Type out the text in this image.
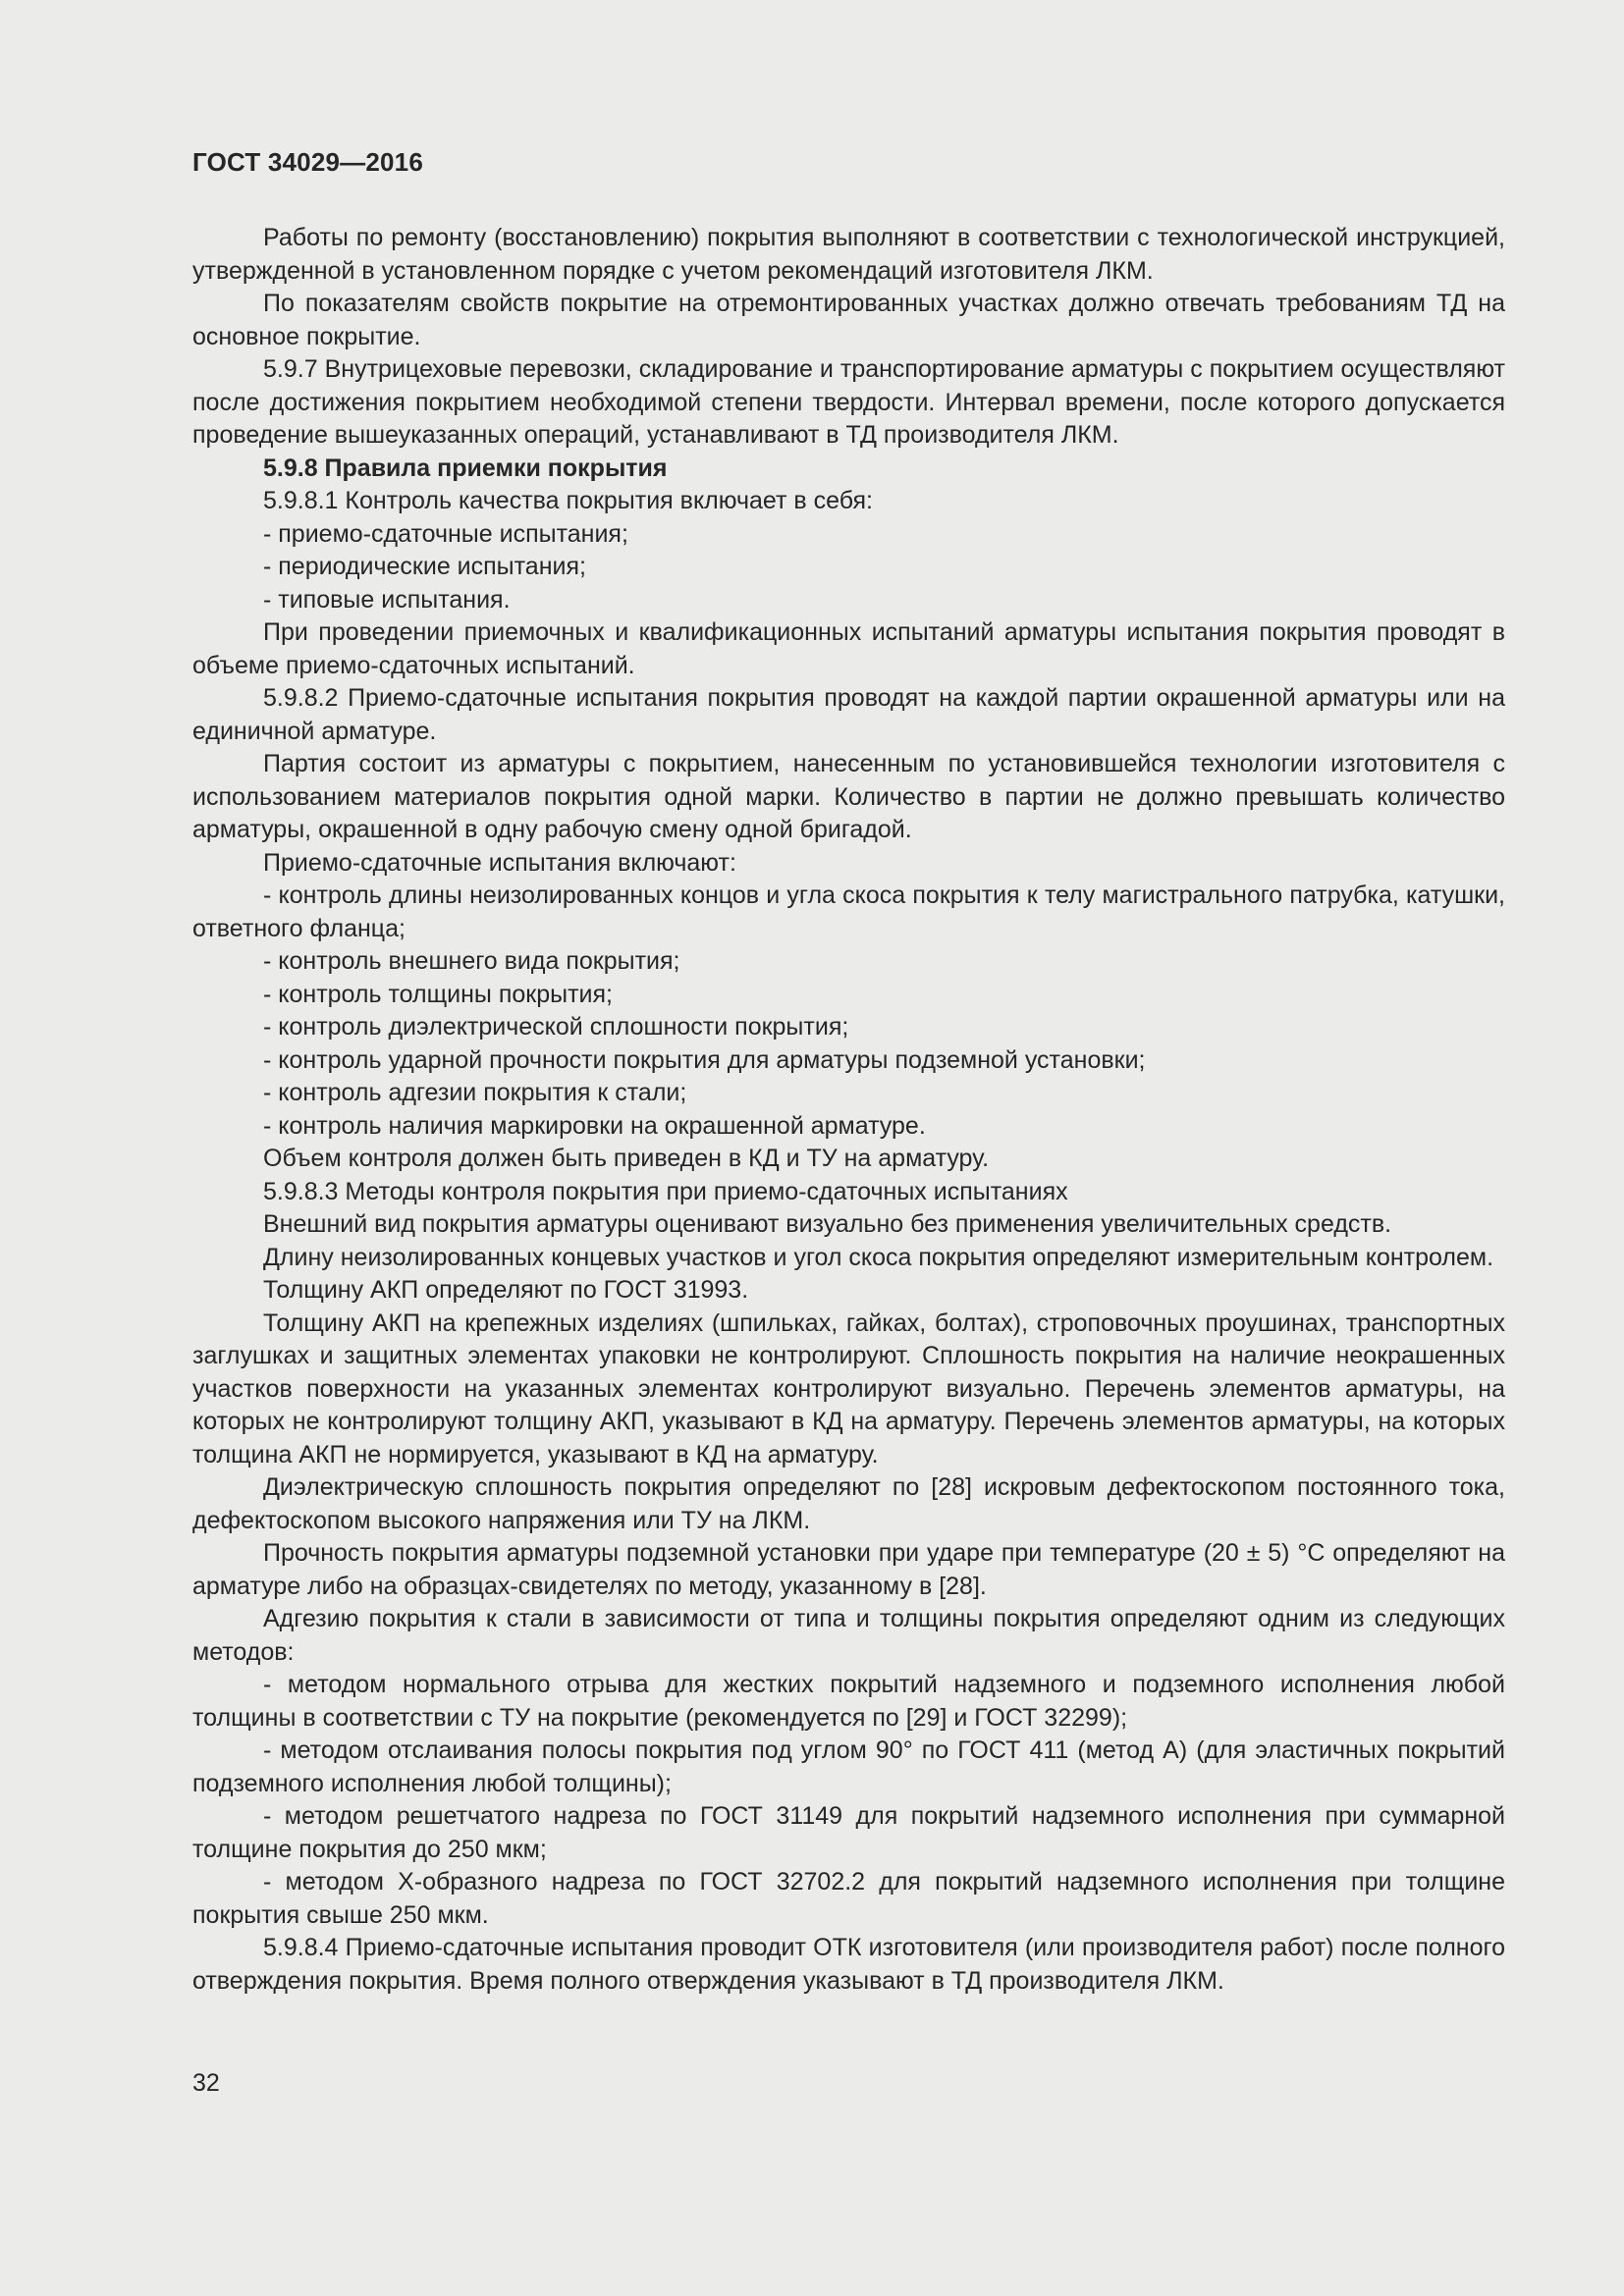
ГОСТ 34029—2016

Работы по ремонту (восстановлению) покрытия выполняют в соответствии с технологической инструкцией, утвержденной в установленном порядке с учетом рекомендаций изготовителя ЛКМ.

По показателям свойств покрытие на отремонтированных участках должно отвечать требованиям ТД на основное покрытие.

5.9.7 Внутрицеховые перевозки, складирование и транспортирование арматуры с покрытием осуществляют после достижения покрытием необходимой степени твердости. Интервал времени, после которого допускается проведение вышеуказанных операций, устанавливают в ТД производителя ЛКМ.

5.9.8 Правила приемки покрытия

5.9.8.1 Контроль качества покрытия включает в себя:

- приемо-сдаточные испытания;

- периодические испытания;

- типовые испытания.

При проведении приемочных и квалификационных испытаний арматуры испытания покрытия проводят в объеме приемо-сдаточных испытаний.

5.9.8.2 Приемо-сдаточные испытания покрытия проводят на каждой партии окрашенной арматуры или на единичной арматуре.

Партия состоит из арматуры с покрытием, нанесенным по установившейся технологии изготовителя с использованием материалов покрытия одной марки. Количество в партии не должно превышать количество арматуры, окрашенной в одну рабочую смену одной бригадой.

Приемо-сдаточные испытания включают:

- контроль длины неизолированных концов и угла скоса покрытия к телу магистрального патрубка, катушки, ответного фланца;

- контроль внешнего вида покрытия;

- контроль толщины покрытия;

- контроль диэлектрической сплошности покрытия;

- контроль ударной прочности покрытия для арматуры подземной установки;

- контроль адгезии покрытия к стали;

- контроль наличия маркировки на окрашенной арматуре.

Объем контроля должен быть приведен в КД и ТУ на арматуру.

5.9.8.3 Методы контроля покрытия при приемо-сдаточных испытаниях

Внешний вид покрытия арматуры оценивают визуально без применения увеличительных средств.

Длину неизолированных концевых участков и угол скоса покрытия определяют измерительным контролем.

Толщину АКП определяют по ГОСТ 31993.

Толщину АКП на крепежных изделиях (шпильках, гайках, болтах), строповочных проушинах, транспортных заглушках и защитных элементах упаковки не контролируют. Сплошность покрытия на наличие неокрашенных участков поверхности на указанных элементах контролируют визуально. Перечень элементов арматуры, на которых не контролируют толщину АКП, указывают в КД на арматуру. Перечень элементов арматуры, на которых толщина АКП не нормируется, указывают в КД на арматуру.

Диэлектрическую сплошность покрытия определяют по [28] искровым дефектоскопом постоянного тока, дефектоскопом высокого напряжения или ТУ на ЛКМ.

Прочность покрытия арматуры подземной установки при ударе при температуре (20 ± 5) °С определяют на арматуре либо на образцах-свидетелях по методу, указанному в [28].

Адгезию покрытия к стали в зависимости от типа и толщины покрытия определяют одним из следующих методов:

- методом нормального отрыва для жестких покрытий надземного и подземного исполнения любой толщины в соответствии с ТУ на покрытие (рекомендуется по [29] и ГОСТ 32299);

- методом отслаивания полосы покрытия под углом 90° по ГОСТ 411 (метод А) (для эластичных покрытий подземного исполнения любой толщины);

- методом решетчатого надреза по ГОСТ 31149 для покрытий надземного исполнения при суммарной толщине покрытия до 250 мкм;

- методом Х-образного надреза по ГОСТ 32702.2 для покрытий надземного исполнения при толщине покрытия свыше 250 мкм.

5.9.8.4 Приемо-сдаточные испытания проводит ОТК изготовителя (или производителя работ) после полного отверждения покрытия. Время полного отверждения указывают в ТД производителя ЛКМ.

32
